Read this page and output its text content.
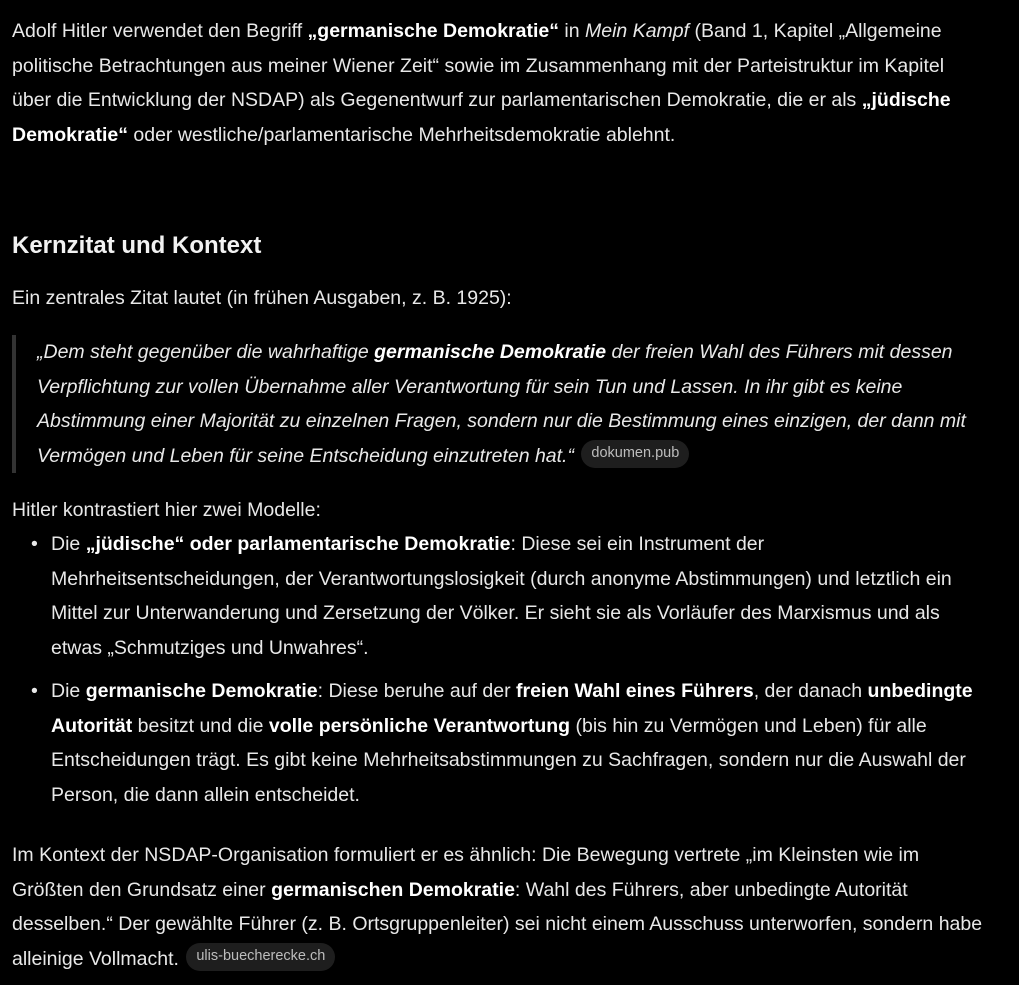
Adolf Hitler verwendet den Begriff „germanische Demokratie“ in Mein Kampf (Band 1, Kapitel „Allgemeine politische Betrachtungen aus meiner Wiener Zeit“ sowie im Zusammenhang mit der Parteistruktur im Kapitel über die Entwicklung der NSDAP) als Gegenentwurf zur parlamentarischen Demokratie, die er als „jüdische Demokratie“ oder westliche/parlamentarische Mehrheitsdemokratie ablehnt.

Kernzitat und Kontext

Ein zentrales Zitat lautet (in frühen Ausgaben, z. B. 1925):

„Dem steht gegenüber die wahrhaftige germanische Demokratie der freien Wahl des Führers mit dessen Verpflichtung zur vollen Übernahme aller Verantwortung für sein Tun und Lassen. In ihr gibt es keine Abstimmung einer Majorität zu einzelnen Fragen, sondern nur die Bestimmung eines einzigen, der dann mit Vermögen und Leben für seine Entscheidung einzutreten hat.“ dokumen.pub

Hitler kontrastiert hier zwei Modelle:

• Die „jüdische“ oder parlamentarische Demokratie: Diese sei ein Instrument der Mehrheitsentscheidungen, der Verantwortungslosigkeit (durch anonyme Abstimmungen) und letztlich ein Mittel zur Unterwanderung und Zersetzung der Völker. Er sieht sie als Vorläufer des Marxismus und als etwas „Schmutziges und Unwahres“.
• Die germanische Demokratie: Diese beruhe auf der freien Wahl eines Führers, der danach unbedingte Autorität besitzt und die volle persönliche Verantwortung (bis hin zu Vermögen und Leben) für alle Entscheidungen trägt. Es gibt keine Mehrheitsabstimmungen zu Sachfragen, sondern nur die Auswahl der Person, die dann allein entscheidet.

Im Kontext der NSDAP-Organisation formuliert er es ähnlich: Die Bewegung vertrete „im Kleinsten wie im Größten den Grundsatz einer germanischen Demokratie: Wahl des Führers, aber unbedingte Autorität desselben.“ Der gewählte Führer (z. B. Ortsgruppenleiter) sei nicht einem Ausschuss unterworfen, sondern habe alleinige Vollmacht. ulis-buecherecke.ch
